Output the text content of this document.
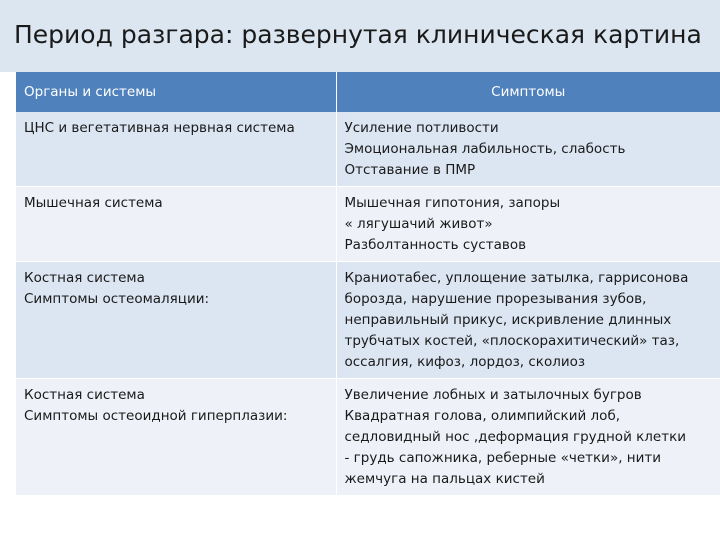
Период разгара: развернутая клиническая картина
Органы и системы	Симптомы

ЦНС и вегетативная нервная система	Усиление потливости
Эмоциональная лабильность, слабость
Отставание в ПМР

Мышечная система	Мышечная гипотония, запоры
« лягушачий живот»
Разболтанность суставов

Костная система
Симптомы остеомаляции:	Краниотабес, уплощение затылка, гаррисонова
борозда, нарушение прорезывания зубов,
неправильный прикус, искривление длинных
трубчатых костей, «плоскорахитический» таз,
оссалгия, кифоз, лордоз, сколиоз

Костная система
Симптомы остеоидной гиперплазии:	Увеличение лобных и затылочных бугров
Квадратная голова, олимпийский лоб,
седловидный нос ,деформация грудной клетки
- грудь сапожника, реберные «четки», нити
жемчуга на пальцах кистей
